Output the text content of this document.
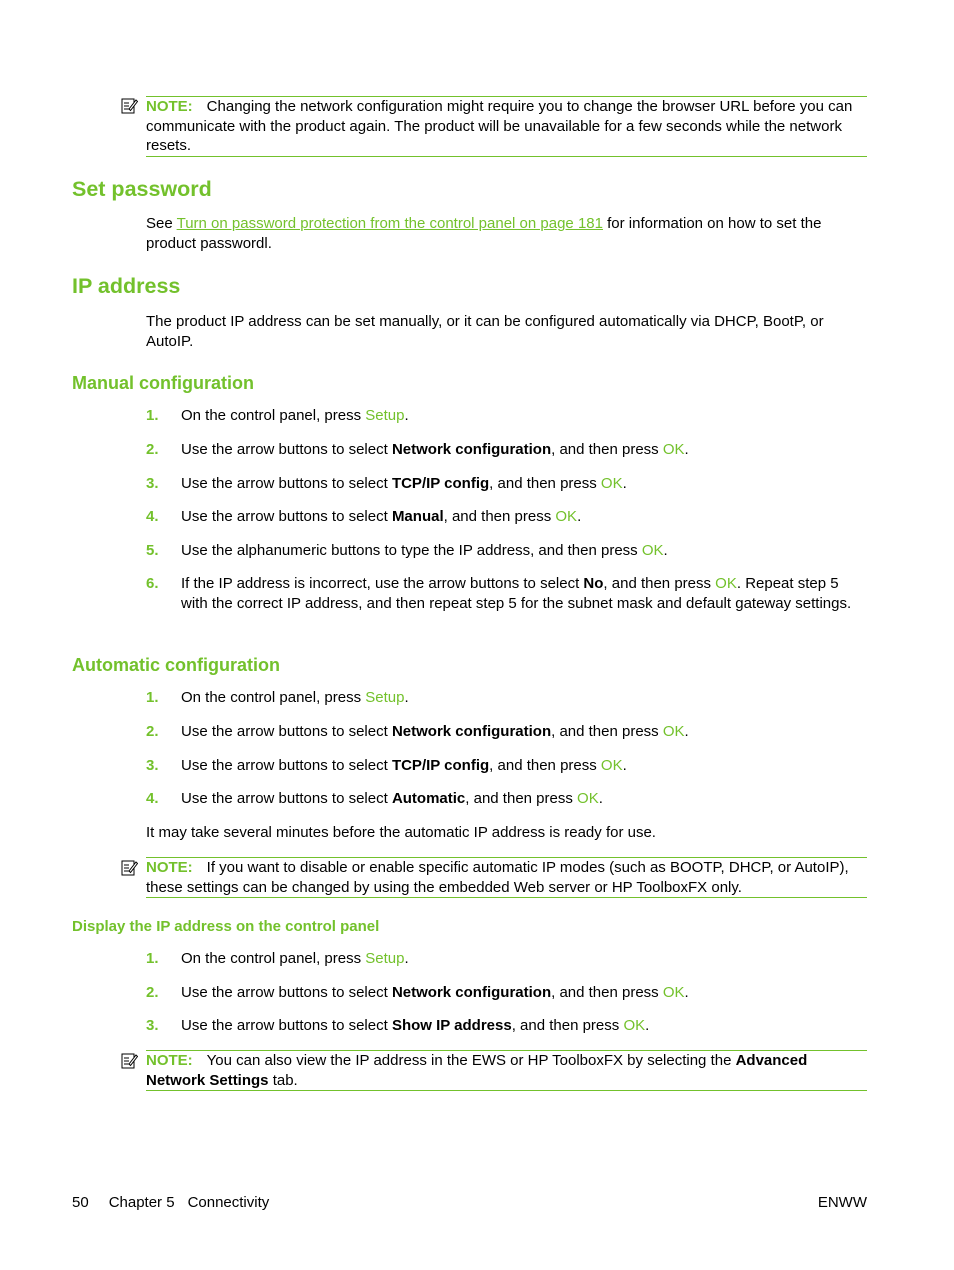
NOTE: Changing the network configuration might require you to change the browser URL before you can communicate with the product again. The product will be unavailable for a few seconds while the network resets.
Set password

See Turn on password protection from the control panel on page 181 for information on how to set the product passwordl.

IP address

The product IP address can be set manually, or it can be configured automatically via DHCP, BootP, or AutoIP.

Manual configuration
1. On the control panel, press Setup.
2. Use the arrow buttons to select Network configuration, and then press OK.
3. Use the arrow buttons to select TCP/IP config, and then press OK.
4. Use the arrow buttons to select Manual, and then press OK.
5. Use the alphanumeric buttons to type the IP address, and then press OK.
6. If the IP address is incorrect, use the arrow buttons to select No, and then press OK. Repeat step 5 with the correct IP address, and then repeat step 5 for the subnet mask and default gateway settings.
Automatic configuration
1. On the control panel, press Setup.
2. Use the arrow buttons to select Network configuration, and then press OK.
3. Use the arrow buttons to select TCP/IP config, and then press OK.
4. Use the arrow buttons to select Automatic, and then press OK.

It may take several minutes before the automatic IP address is ready for use.

NOTE: If you want to disable or enable specific automatic IP modes (such as BOOTP, DHCP, or AutoIP), these settings can be changed by using the embedded Web server or HP ToolboxFX only.
Display the IP address on the control panel
1. On the control panel, press Setup.
2. Use the arrow buttons to select Network configuration, and then press OK.
3. Use the arrow buttons to select Show IP address, and then press OK.
NOTE: You can also view the IP address in the EWS or HP ToolboxFX by selecting the Advanced Network Settings tab.
50 Chapter 5 Connectivity	ENWW
